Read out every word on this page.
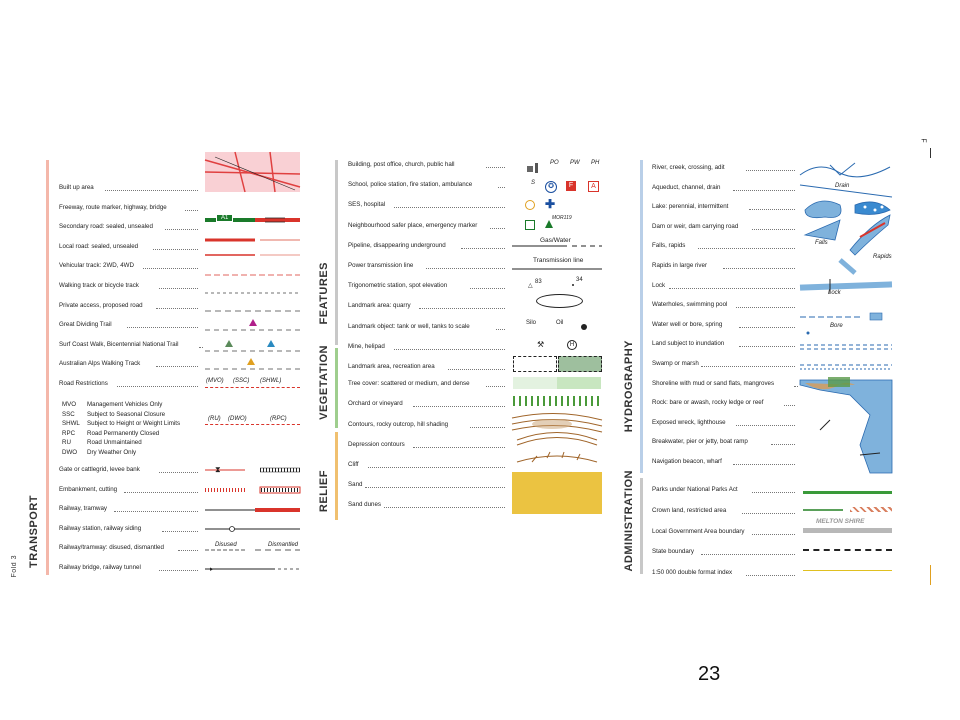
Fold 3
F
TRANSPORT
Built up area
Freeway, route marker, highway, bridge
Secondary road: sealed, unsealed
Local road: sealed, unsealed
Vehicular track: 2WD, 4WD
Walking track or bicycle track
Private access, proposed road
Great Dividing Trail
Surf Coast Walk, Bicentennial National Trail
Australian Alps Walking Track
Road Restrictions
Gate or cattlegrid, levee bank
Embankment, cutting
Railway, tramway
Railway station, railway siding
Railway/tramway: disused, dismantled
Railway bridge, railway tunnel
A1
(MVO) (SSC) (SHWL)
MVO Management Vehicles Only
SSC Subject to Seasonal Closure
SHWL Subject to Height or Weight Limits
RPC Road Permanently Closed
RU	Road Unmaintained
DWO Dry Weather Only
(RU) (DWO)	(RPC)
⧗
▸
Disused	Dismantled
FEATURES
VEGETATION
RELIEF
Building, post office, church, public hall
School, police station, fire station, ambulance
SES, hospital
Neighbourhood safer place, emergency marker
Pipeline, disappearing underground
Power transmission line
Trigonometric station, spot elevation
Landmark area: quarry
Landmark object: tank or well, tanks to scale
Mine, helipad
Landmark area, recreation area
Tree cover: scattered or medium, and dense
Orchard or vineyard
Contours, rocky outcrop, hill shading
Depression contours
Cliff
Sand
Sand dunes
PO PW PH
S	✪	F	A
✚
MOR119
Gas/Water
Transmission line
83
△
34
Silo	Oil
⚒	H	HYDROGRAPHY
ADMINISTRATION
River, creek, crossing, adit
Aqueduct, channel, drain
Lake: perennial, intermittent
Dam or weir, dam carrying road
Falls, rapids
Rapids in large river
Lock
Waterholes, swimming pool
Water well or bore, spring
Land subject to inundation
Swamp or marsh
Shoreline with mud or sand flats, mangroves
Rock: bare or awash, rocky ledge or reef
Exposed wreck, lighthouse
Breakwater, pier or jetty, boat ramp
Navigation beacon, wharf
Parks under National Parks Act
Crown land, restricted area
Local Government Area boundary
State boundary
1:50 000 double format index
Drain
Falls
Rapids
Lock
Bore
MELTON SHIRE
23
